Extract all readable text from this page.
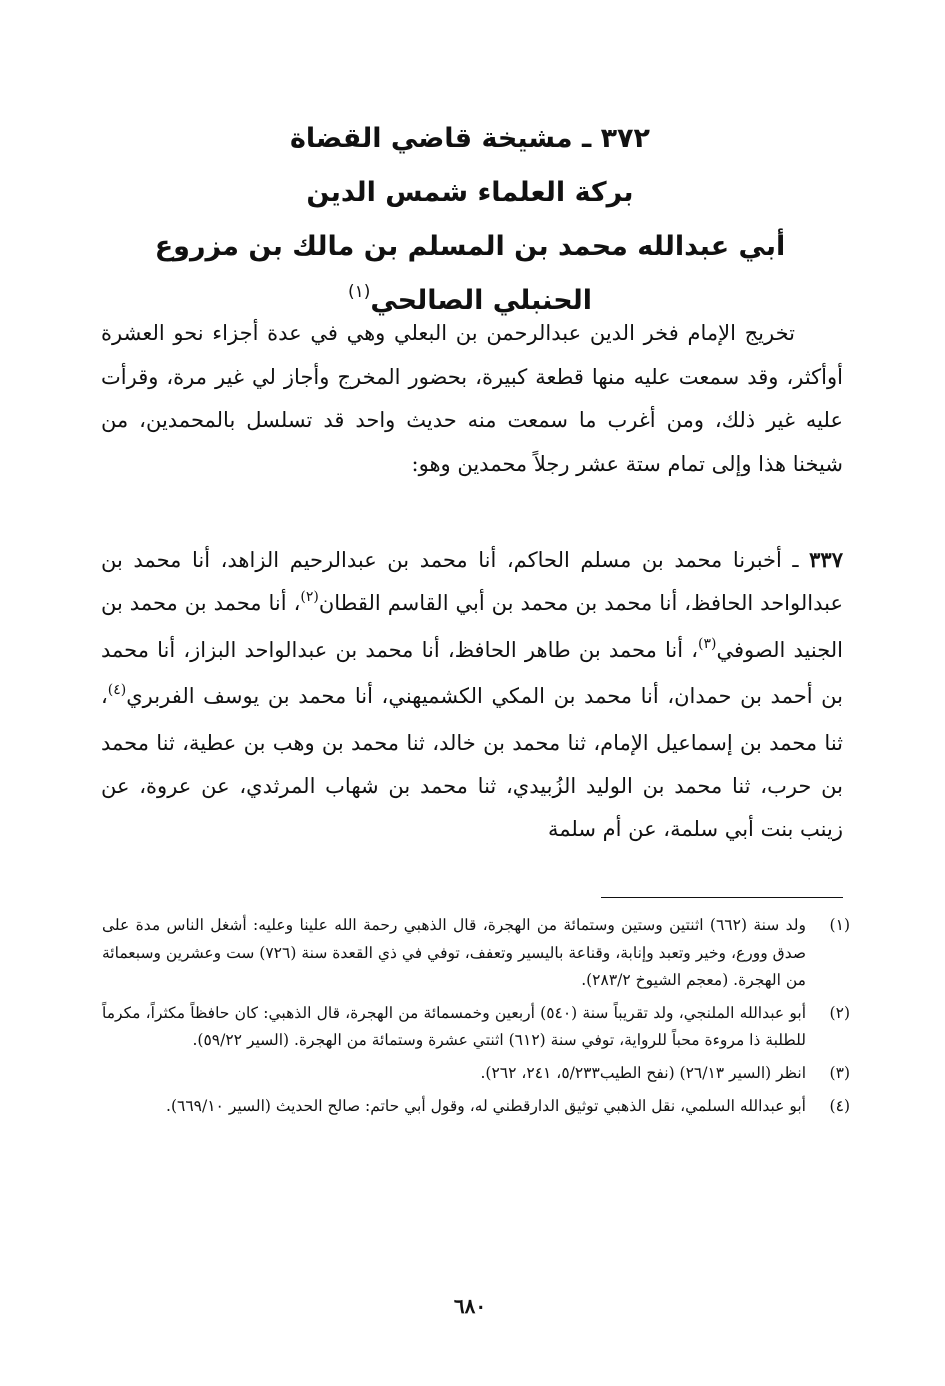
٣٧٢ ـ مشيخة قاضي القضاة
بركة العلماء شمس الدين
أبي عبدالله محمد بن المسلم بن مالك بن مزروع
الحنبلي الصالحي$^{(١)}$

تخريج الإمام فخر الدين عبدالرحمن بن البعلي وهي في عدة أجزاء نحو العشرة أوأكثر، وقد سمعت عليه منها قطعة كبيرة، بحضور المخرج وأجاز لي غير مرة، وقرأت عليه غير ذلك، ومن أغرب ما سمعت منه حديث واحد قد تسلسل بالمحمدين، من شيخنا هذا وإلى تمام ستة عشر رجلاً محمدين وهو:

٣٣٧ ـ أخبرنا محمد بن مسلم الحاكم، أنا محمد بن عبدالرحيم الزاهد، أنا محمد بن عبدالواحد الحافظ، أنا محمد بن محمد بن أبي القاسم القطان$^{(٢)}$، أنا محمد بن محمد بن الجنيد الصوفي$^{(٣)}$، أنا محمد بن طاهر الحافظ، أنا محمد بن عبدالواحد البزاز، أنا محمد بن أحمد بن حمدان، أنا محمد بن المكي الكشميهني، أنا محمد بن يوسف الفربري$^{(٤)}$، ثنا محمد بن إسماعيل الإمام، ثنا محمد بن خالد، ثنا محمد بن وهب بن عطية، ثنا محمد بن حرب، ثنا محمد بن الوليد الزُبيدي، ثنا محمد بن شهاب المرثدي، عن عروة، عن زينب بنت أبي سلمة، عن أم سلمة

(١)
ولد سنة (٦٦٢) اثنتين وستين وستمائة من الهجرة، قال الذهبي رحمة الله علينا وعليه: أشغل الناس مدة على صدق وورع، وخير وتعبد وإنابة، وقناعة باليسير وتعفف، توفي في ذي القعدة سنة (٧٢٦) ست وعشرين وسبعمائة من الهجرة. (معجم الشيوخ ٢٨٣/٢).
(٢)
أبو عبدالله الملنجي، ولد تقريباً سنة (٥٤٠) أربعين وخمسمائة من الهجرة، قال الذهبي: كان حافظاً مكثراً، مكرماً للطلبة ذا مروءة محباً للرواية، توفي سنة (٦١٢) اثنتي عشرة وستمائة من الهجرة. (السير ٥٩/٢٢).
(٣)
انظر (السير ٢٦/١٣) (نفح الطيب٥/٢٣٣، ٢٤١، ٢٦٢).
(٤)
أبو عبدالله السلمي، نقل الذهبي توثيق الدارقطني له، وقول أبي حاتم: صالح الحديث (السير ٦٦٩/١٠).
٦٨٠
